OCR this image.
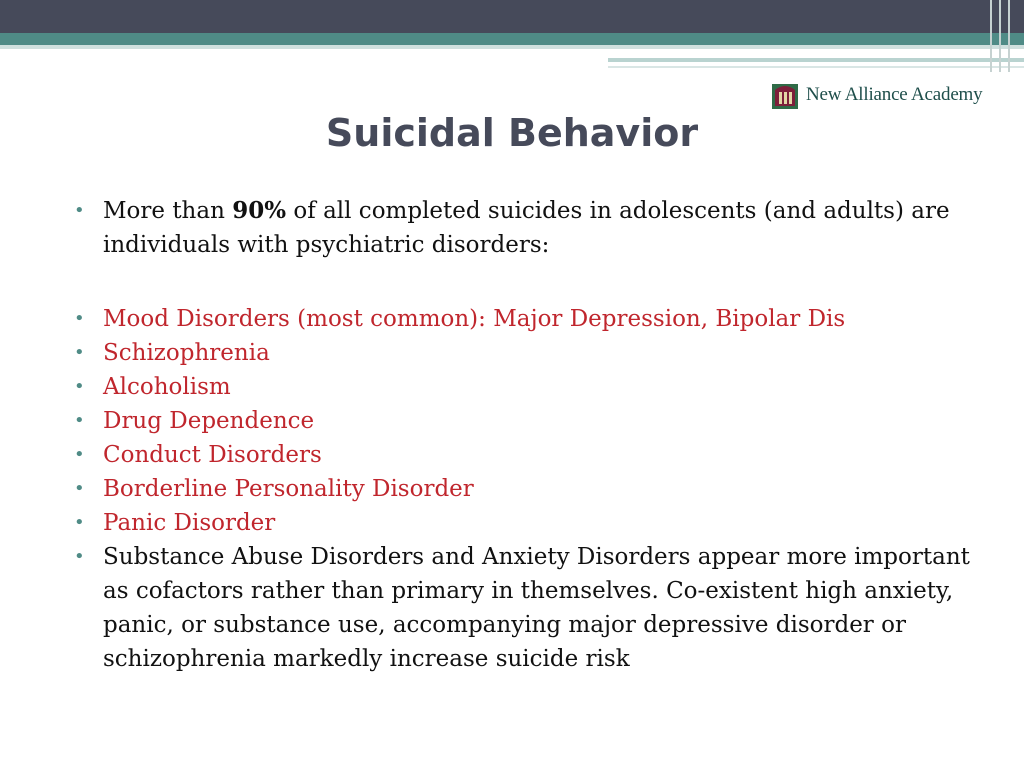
New Alliance Academy
Suicidal Behavior

• More than 90% of all completed suicides in adolescents (and adults) are individuals with psychiatric disorders:

• Mood Disorders (most common): Major Depression, Bipolar Dis

• Schizophrenia

• Alcoholism

• Drug Dependence

• Conduct Disorders

• Borderline Personality Disorder

• Panic Disorder

• Substance Abuse Disorders and Anxiety Disorders appear more important as cofactors rather than primary in themselves. Co-existent high anxiety, panic, or substance use, accompanying major depressive disorder or schizophrenia markedly increase suicide risk
